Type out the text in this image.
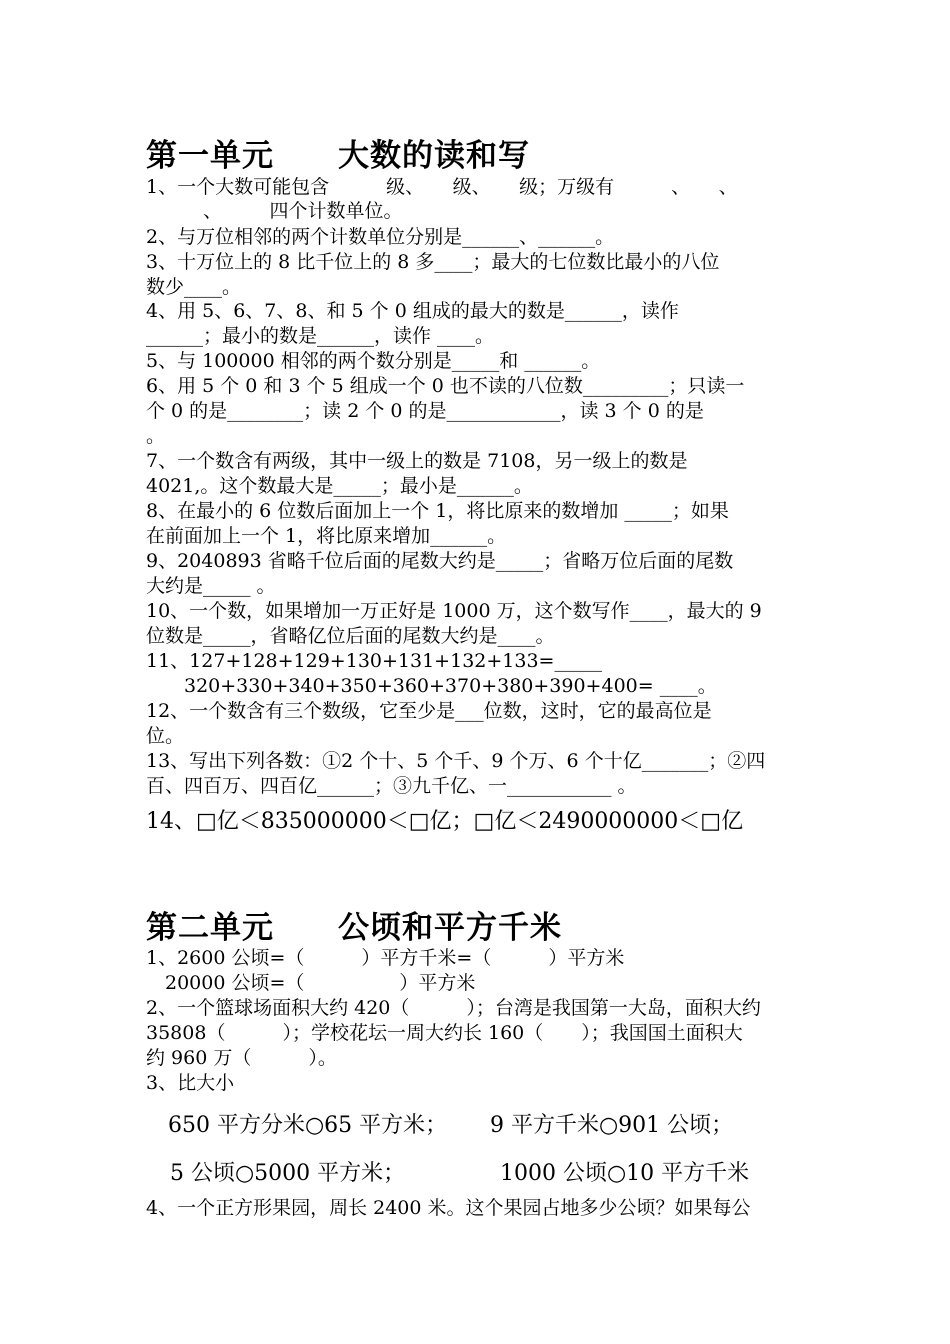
第一单元　　大数的读和写
1、一个大数可能包含　　　级、　　级、　　级；万级有　　　、　　、
　　　、　　　四个计数单位。
2、与万位相邻的两个计数单位分别是______、______。
3、十万位上的 8 比千位上的 8 多____；最大的七位数比最小的八位
数少____。
4、用 5、6、7、8、和 5 个 0 组成的最大的数是______，读作
______；最小的数是______，读作 ____。
5、与 100000 相邻的两个数分别是_____和 ______。
6、用 5 个 0 和 3 个 5 组成一个 0 也不读的八位数_________；只读一
个 0 的是________；读 2 个 0 的是____________，读 3 个 0 的是
。
7、一个数含有两级，其中一级上的数是 7108，另一级上的数是
4021,。这个数最大是_____；最小是______。
8、在最小的 6 位数后面加上一个 1，将比原来的数增加 _____；如果
在前面加上一个 1，将比原来增加______。
9、2040893 省略千位后面的尾数大约是_____；省略万位后面的尾数
大约是_____ 。
10、一个数，如果增加一万正好是 1000 万，这个数写作____，最大的 9
位数是_____，省略亿位后面的尾数大约是____。
11、127+128+129+130+131+132+133=_____
　　320+330+340+350+360+370+380+390+400= ____。
12、一个数含有三个数级，它至少是___位数，这时，它的最高位是
位。
13、写出下列各数：①2 个十、5 个千、9 个万、6 个十亿_______；②四
百、四百万、四百亿______；③九千亿、一___________ 。
14、□亿＜835000000＜□亿；□亿＜2490000000＜□亿
第二单元　　公顷和平方千米
1、2600 公顷=（　　　）平方千米=（　　　）平方米
　20000 公顷=（　　　　　）平方米
2、一个篮球场面积大约 420（　　　）；台湾是我国第一大岛，面积大约
35808（　　　）；学校花坛一周大约长 160（　　）；我国国土面积大
约 960 万（　　　）。
3、比大小
650 平方分米○65 平方米； 9 平方千米○901 公顷；
5 公顷○5000 平方米；	1000 公顷○10 平方千米
4、一个正方形果园，周长 2400 米。这个果园占地多少公顷？如果每公
